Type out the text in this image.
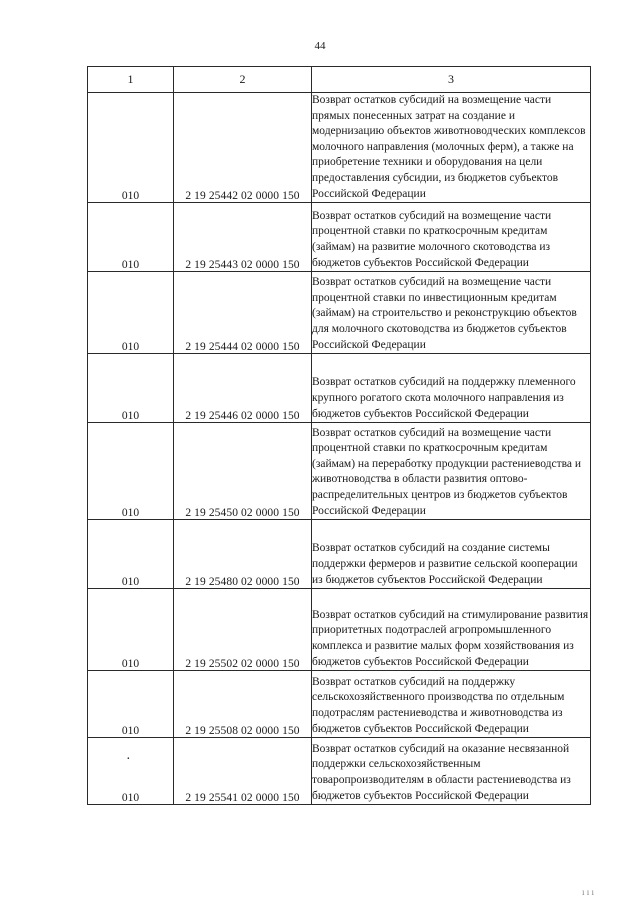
44
1	2	3
010	2 19 25442 02 0000 150	Возврат остатков субсидий на возмещение части прямых понесенных затрат на создание и модернизацию объектов животноводческих комплексов молочного направления (молочных ферм), а также на приобретение техники и оборудования на цели предоставления субсидии, из бюджетов субъектов Российской Федерации
010	2 19 25443 02 0000 150	Возврат остатков субсидий на возмещение части процентной ставки по краткосрочным кредитам (займам) на развитие молочного скотоводства из бюджетов субъектов Российской Федерации
010	2 19 25444 02 0000 150	Возврат остатков субсидий на возмещение части процентной ставки по инвестиционным кредитам (займам) на строительство и реконструкцию объектов для молочного скотоводства из бюджетов субъектов Российской Федерации
010	2 19 25446 02 0000 150	Возврат остатков субсидий на поддержку племенного крупного рогатого скота молочного направления из бюджетов субъектов Российской Федерации
010	2 19 25450 02 0000 150	Возврат остатков субсидий на возмещение части процентной ставки по краткосрочным кредитам (займам) на переработку продукции растениеводства и животноводства в области развития оптово-распределительных центров из бюджетов субъектов Российской Федерации
010	2 19 25480 02 0000 150	Возврат остатков субсидий на создание системы поддержки фермеров и развитие сельской кооперации из бюджетов субъектов Российской Федерации
010	2 19 25502 02 0000 150	Возврат остатков субсидий на стимулирование развития приоритетных подотраслей агропромышленного комплекса и развитие малых форм хозяйствования из бюджетов субъектов Российской Федерации
010	2 19 25508 02 0000 150	Возврат остатков субсидий на поддержку сельскохозяйственного производства по отдельным подотраслям растениеводства и животноводства из бюджетов субъектов Российской Федерации

·
010	2 19 25541 02 0000 150	Возврат остатков субсидий на оказание несвязанной поддержки сельскохозяйственным товаропроизводителям в области растениеводства из бюджетов субъектов Российской Федерации
ı ı ı
